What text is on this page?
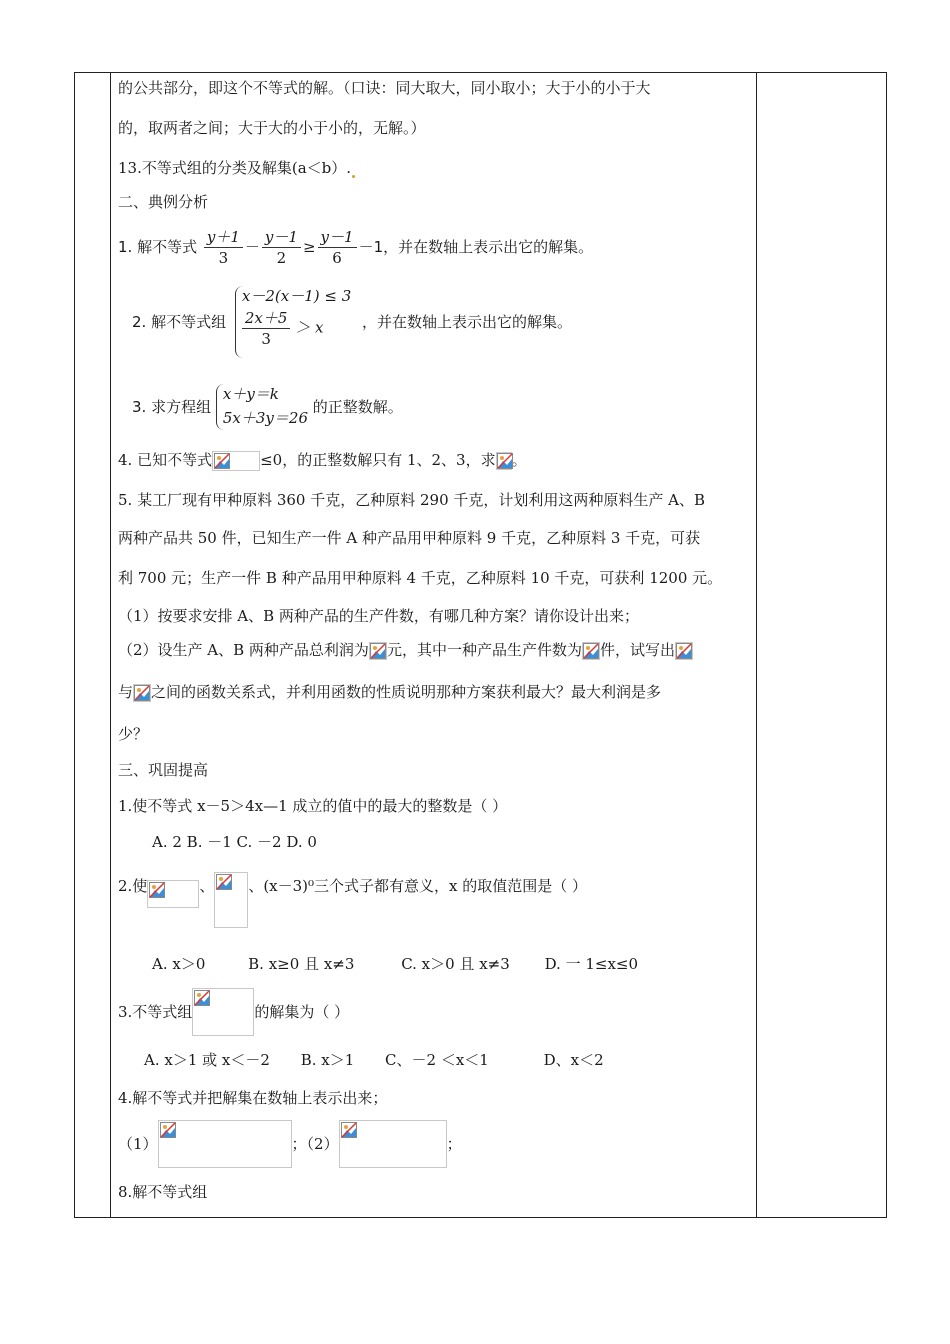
的公共部分，即这个不等式的解。（口诀：同大取大，同小取小；大于小的小于大
的，取两者之间；大于大的小于小的，无解。）
13.不等式组的分类及解集(a＜b）.
二、典例分析
1. 解不等式 $\frac{y+1}{3} - \frac{y-1}{2} \ge \frac{y-1}{6} -1$，并在数轴上表示出它的解集。
2. 解不等式组
x－2(x－1) ≤ 3
$\frac{2x+5}{3} > x$	，并在数轴上表示出它的解集。
3. 求方程组
x＋y＝k
5x＋3y＝26
的正整数解。
4. 已知不等式	≤0，的正整数解只有 1、2、3，求 。
5. 某工厂现有甲种原料 360 千克，乙种原料 290 千克，计划利用这两种原料生产 A、B
两种产品共 50 件，已知生产一件 A 种产品用甲种原料 9 千克，乙种原料 3 千克，可获
利 700 元；生产一件 B 种产品用甲种原料 4 千克，乙种原料 10 千克，可获利 1200 元。
（1）按要求安排 A、B 两种产品的生产件数，有哪几种方案？请你设计出来；
（2）设生产 A、B 两种产品总利润为 元，其中一种产品生产件数为 件，试写出
与 之间的函数关系式，并利用函数的性质说明那种方案获利最大？最大利润是多
少？
三、巩固提高
1.使不等式 x－5＞4x—1 成立的值中的最大的整数是（ ）
A. 2 B. －1 C. －2 D. 0
2.使	、 、(x－3)⁰三个式子都有意义，x 的取值范围是（ ）
A. x＞0	B. x≥0 且 x≠3	C. x＞0 且 x≠3 D. 一 1≤x≤0
3.不等式组	的解集为（ ）
A. x＞1 或 x＜－2 B. x＞1 C、－2 ＜x＜1	D、x＜2
4.解不等式并把解集在数轴上表示出来；
（1）	；（2）	；
8.解不等式组
